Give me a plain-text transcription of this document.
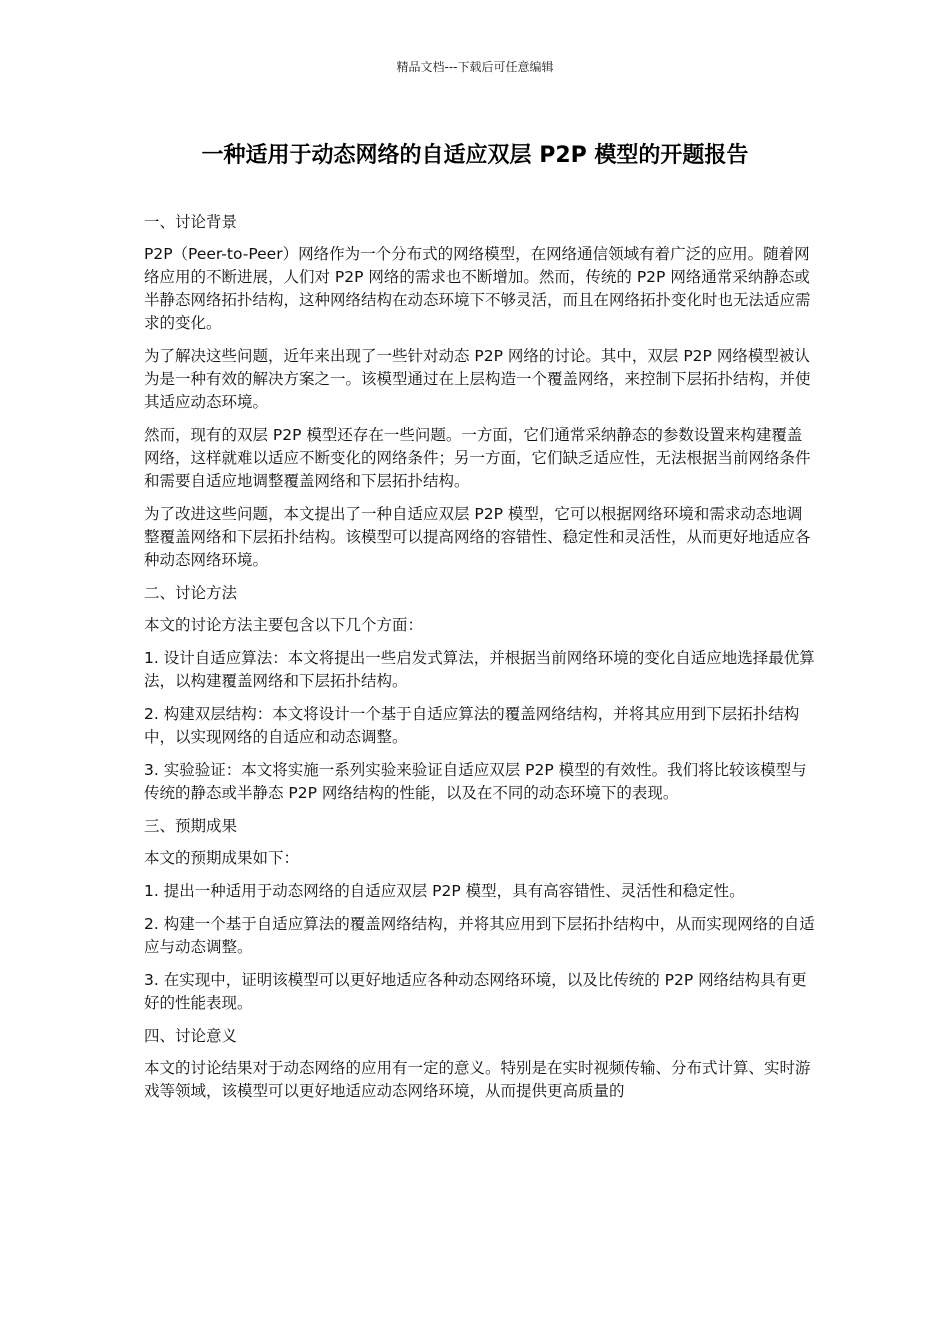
精品文档---下载后可任意编辑
一种适用于动态网络的自适应双层 P2P 模型的开题报告

一、讨论背景

P2P（Peer-to-Peer）网络作为一个分布式的网络模型，在网络通信领域有着广泛的应用。随着网络应用的不断进展，人们对 P2P 网络的需求也不断增加。然而，传统的 P2P 网络通常采纳静态或半静态网络拓扑结构，这种网络结构在动态环境下不够灵活，而且在网络拓扑变化时也无法适应需求的变化。

为了解决这些问题，近年来出现了一些针对动态 P2P 网络的讨论。其中，双层 P2P 网络模型被认为是一种有效的解决方案之一。该模型通过在上层构造一个覆盖网络，来控制下层拓扑结构，并使其适应动态环境。

然而，现有的双层 P2P 模型还存在一些问题。一方面，它们通常采纳静态的参数设置来构建覆盖网络，这样就难以适应不断变化的网络条件；另一方面，它们缺乏适应性，无法根据当前网络条件和需要自适应地调整覆盖网络和下层拓扑结构。

为了改进这些问题，本文提出了一种自适应双层 P2P 模型，它可以根据网络环境和需求动态地调整覆盖网络和下层拓扑结构。该模型可以提高网络的容错性、稳定性和灵活性，从而更好地适应各种动态网络环境。

二、讨论方法

本文的讨论方法主要包含以下几个方面：

1. 设计自适应算法：本文将提出一些启发式算法，并根据当前网络环境的变化自适应地选择最优算法，以构建覆盖网络和下层拓扑结构。

2. 构建双层结构：本文将设计一个基于自适应算法的覆盖网络结构，并将其应用到下层拓扑结构中，以实现网络的自适应和动态调整。

3. 实验验证：本文将实施一系列实验来验证自适应双层 P2P 模型的有效性。我们将比较该模型与传统的静态或半静态 P2P 网络结构的性能，以及在不同的动态环境下的表现。

三、预期成果

本文的预期成果如下：

1. 提出一种适用于动态网络的自适应双层 P2P 模型，具有高容错性、灵活性和稳定性。

2. 构建一个基于自适应算法的覆盖网络结构，并将其应用到下层拓扑结构中，从而实现网络的自适应与动态调整。

3. 在实现中，证明该模型可以更好地适应各种动态网络环境，以及比传统的 P2P 网络结构具有更好的性能表现。

四、讨论意义

本文的讨论结果对于动态网络的应用有一定的意义。特别是在实时视频传输、分布式计算、实时游戏等领域，该模型可以更好地适应动态网络环境，从而提供更高质量的
